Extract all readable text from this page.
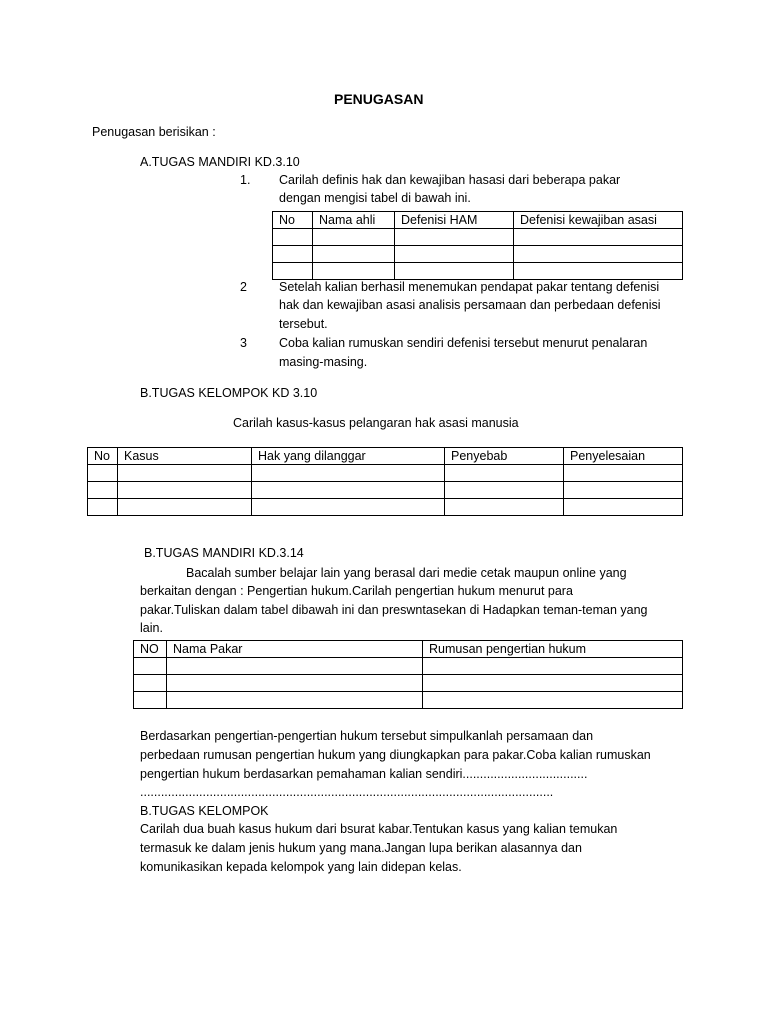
PENUGASAN
Penugasan berisikan :
A.TUGAS MANDIRI KD.3.10
1. Carilah definis hak dan kewajiban hasasi dari beberapa pakar
dengan mengisi tabel di bawah ini.
No	Nama ahli	Defenisi HAM	Defenisi kewajiban asasi

2	Setelah kalian berhasil menemukan pendapat pakar tentang defenisi
hak dan kewajiban asasi analisis persamaan dan perbedaan defenisi
tersebut.
3	Coba kalian rumuskan sendiri defenisi tersebut menurut penalaran
masing-masing.
B.TUGAS KELOMPOK KD 3.10
Carilah kasus-kasus pelangaran hak asasi manusia
No	Kasus	Hak yang dilanggar	Penyebab	Penyelesaian

B.TUGAS MANDIRI KD.3.14
Bacalah sumber belajar lain yang berasal dari medie cetak maupun online yang
berkaitan dengan : Pengertian hukum.Carilah pengertian hukum menurut para
pakar.Tuliskan dalam tabel dibawah ini dan preswntasekan di Hadapkan teman-teman yang
lain.
NO	Nama Pakar	Rumusan pengertian hukum

Berdasarkan pengertian-pengertian hukum tersebut simpulkanlah persamaan dan
perbedaan rumusan pengertian hukum yang diungkapkan para pakar.Coba kalian rumuskan
pengertian hukum berdasarkan pemahaman kalian sendiri....................................
.......................................................................................................................
B.TUGAS KELOMPOK
Carilah dua buah kasus hukum dari bsurat kabar.Tentukan kasus yang kalian temukan
termasuk ke dalam jenis hukum yang mana.Jangan lupa berikan alasannya dan
komunikasikan kepada kelompok yang lain didepan kelas.
